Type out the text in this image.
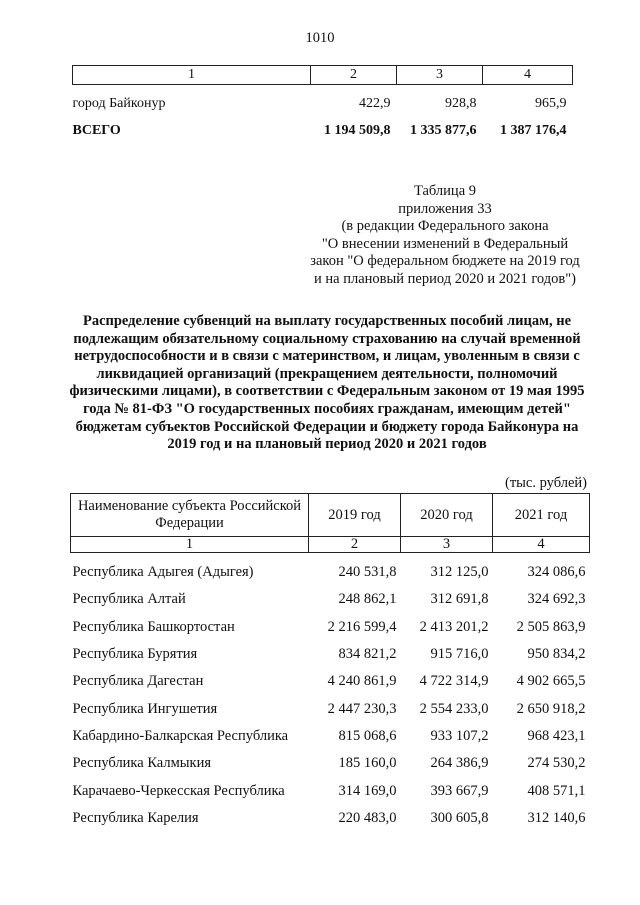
1010
1	2	3	4
город Байконур	422,9	928,8	965,9
ВСЕГО	1 194 509,8	1 335 877,6	1 387 176,4
Таблица 9
приложения 33
(в редакции Федерального закона
"О внесении изменений в Федеральный
закон "О федеральном бюджете на 2019 год
и на плановый период 2020 и 2021 годов")
Распределение субвенций на выплату государственных пособий лицам, не подлежащим обязательному социальному страхованию на случай временной нетрудоспособности и в связи с материнством, и лицам, уволенным в связи с ликвидацией организаций (прекращением деятельности, полномочий физическими лицами), в соответствии с Федеральным законом от 19 мая 1995 года № 81-ФЗ "О государственных пособиях гражданам, имеющим детей" бюджетам субъектов Российской Федерации и бюджету города Байконура на 2019 год и на плановый период 2020 и 2021 годов
(тыс. рублей)
Наименование субъекта Российской Федерации	2019 год	2020 год	2021 год
1	2	3	4
Республика Адыгея (Адыгея)	240 531,8	312 125,0	324 086,6
Республика Алтай	248 862,1	312 691,8	324 692,3
Республика Башкортостан	2 216 599,4	2 413 201,2	2 505 863,9
Республика Бурятия	834 821,2	915 716,0	950 834,2
Республика Дагестан	4 240 861,9	4 722 314,9	4 902 665,5
Республика Ингушетия	2 447 230,3	2 554 233,0	2 650 918,2
Кабардино-Балкарская Республика	815 068,6	933 107,2	968 423,1
Республика Калмыкия	185 160,0	264 386,9	274 530,2
Карачаево-Черкесская Республика	314 169,0	393 667,9	408 571,1
Республика Карелия	220 483,0	300 605,8	312 140,6
